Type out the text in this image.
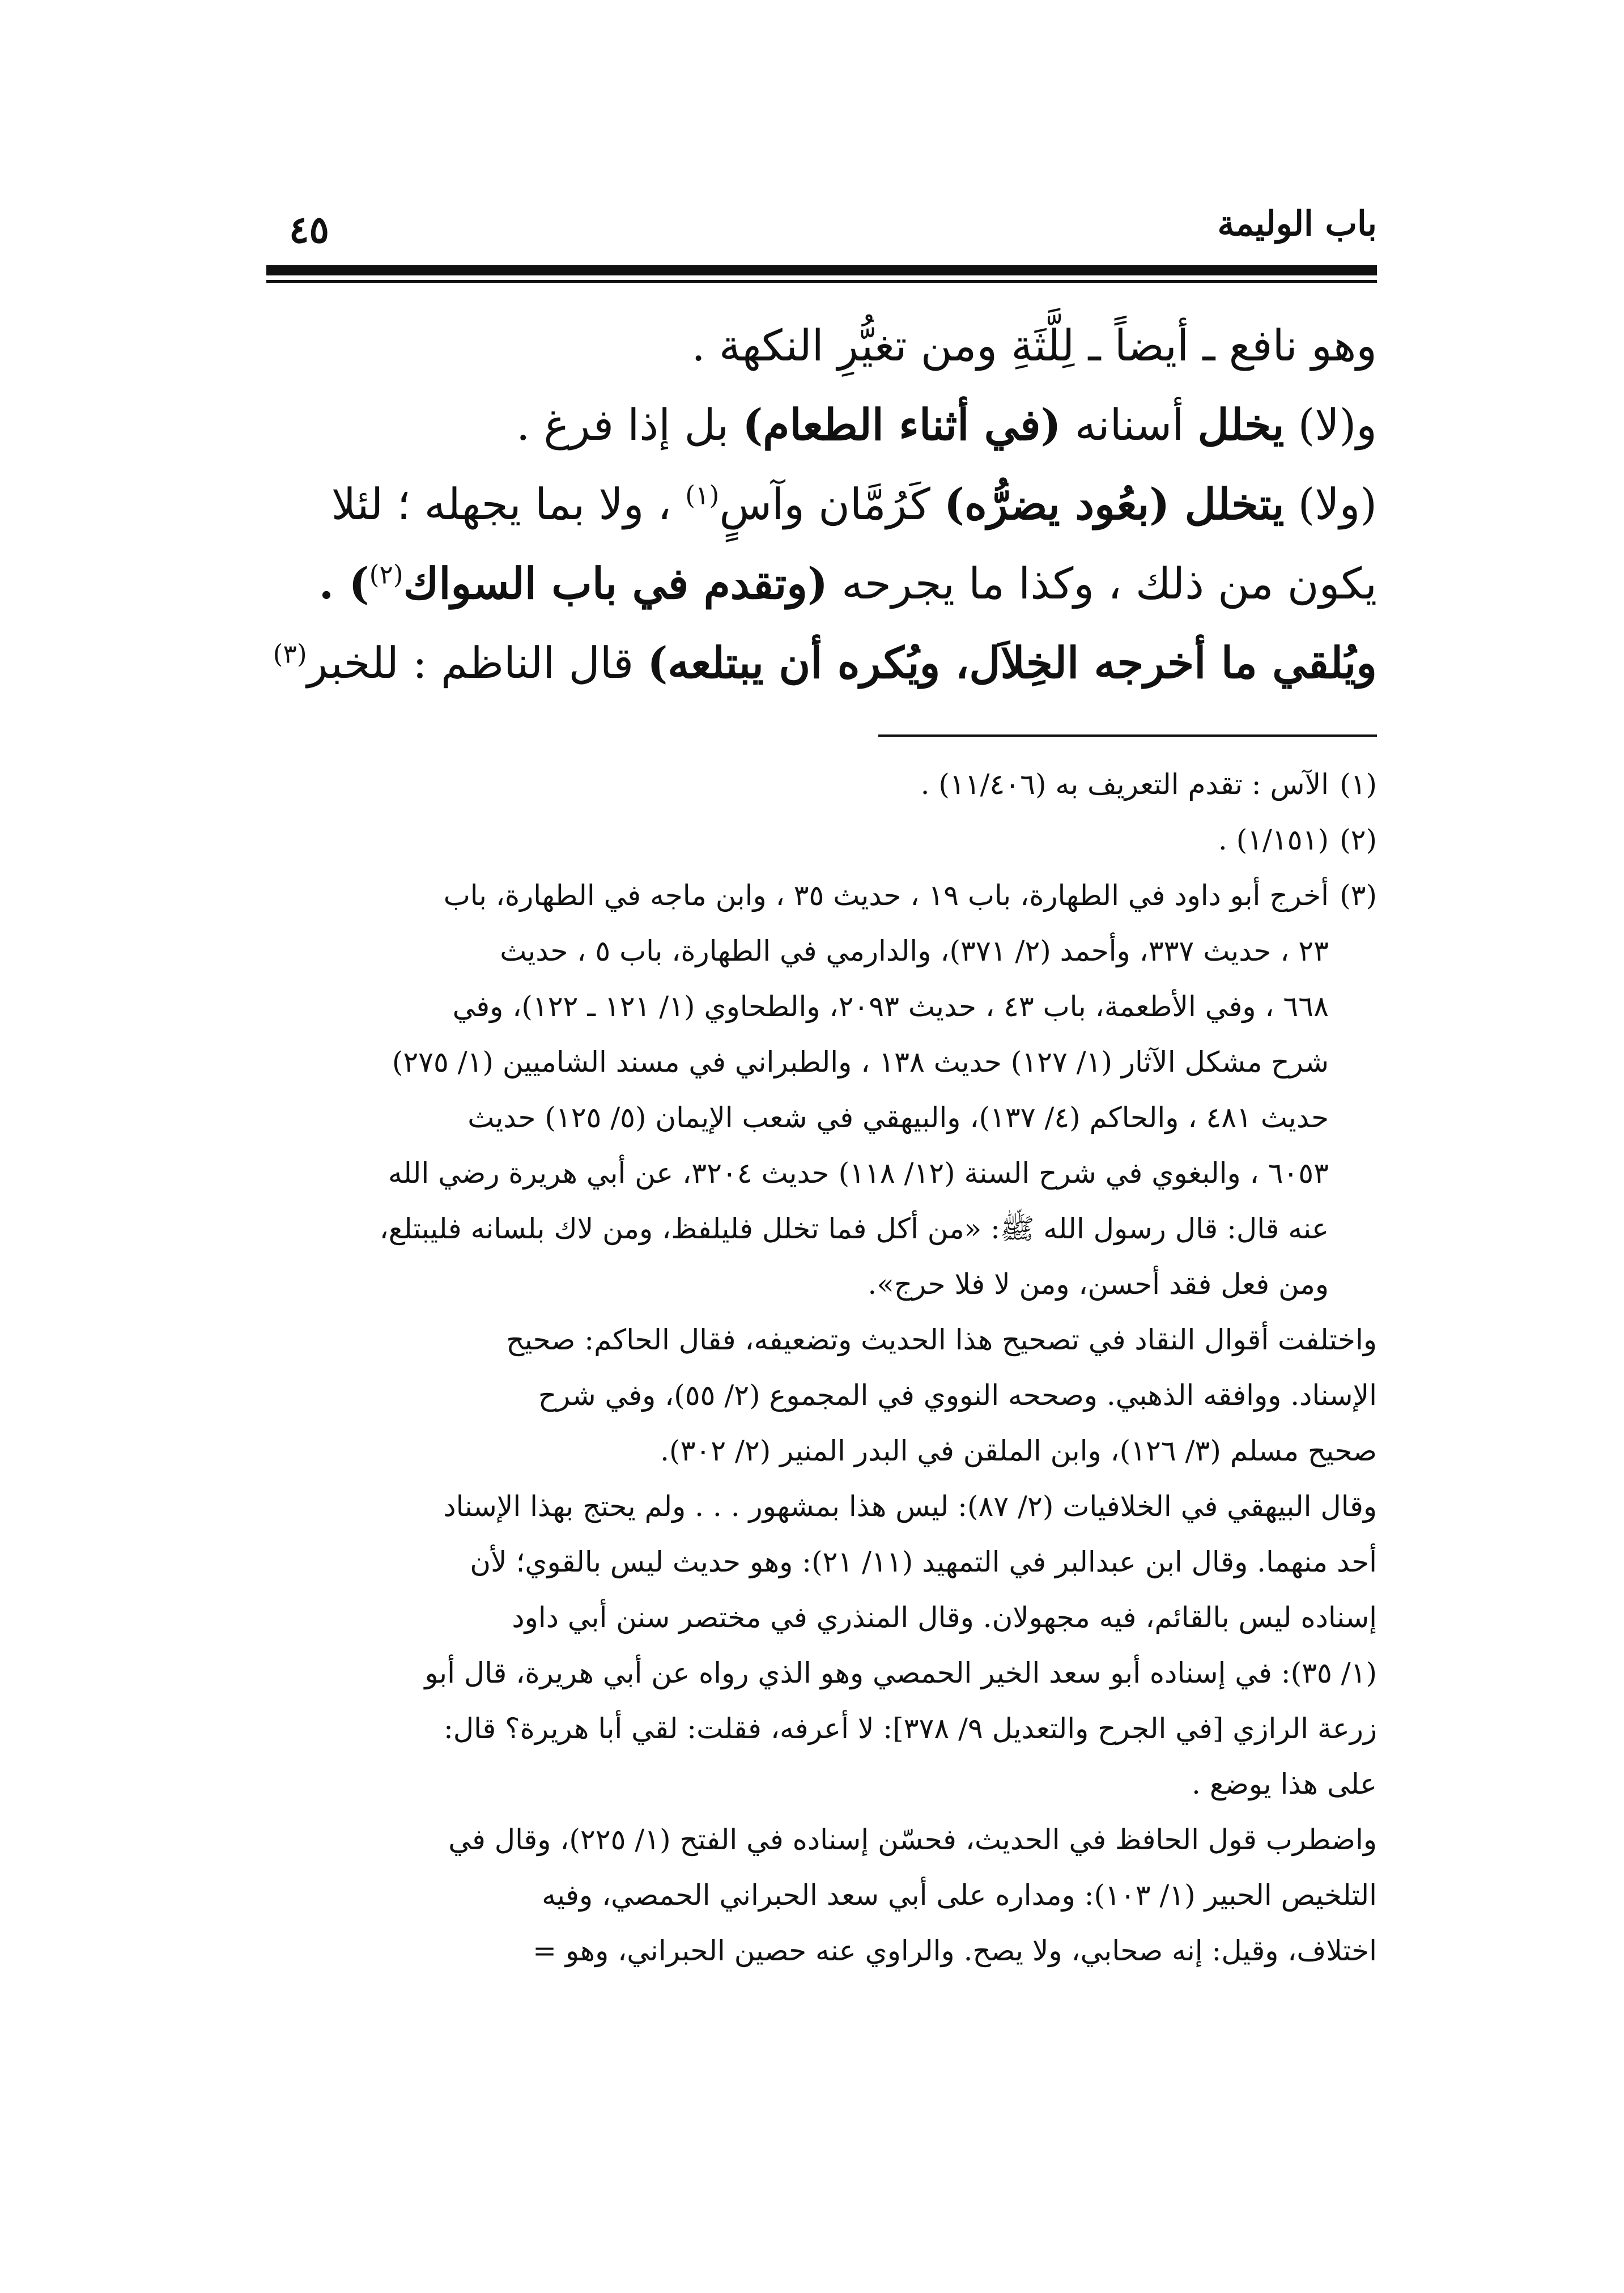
باب الوليمة
٤٥

وهو نافع ـ أيضاً ـ لِلَّثَةِ ومن تغيُّرِ النكهة .

و(لا) يخلل أسنانه (في أثناء الطعام) بل إذا فرغ .

(ولا) يتخلل (بعُود يضرُّه) كَرُمَّان وآسٍ$^{(١)}$ ، ولا بما يجهله ؛ لئلا

يكون من ذلك ، وكذا ما يجرحه (وتقدم في باب السواك$^{(٢)}$) .

ويُلقي ما أخرجه الخِلاَل، ويُكره أن يبتلعه) قال الناظم : للخبر$^{(٣)}$

(١)
الآس : تقدم التعريف به (١١/٤٠٦) .
(٢)
(١/١٥١) .
(٣)
أخرج أبو داود في الطهارة، باب ١٩ ، حديث ٣٥ ، وابن ماجه في الطهارة، باب
٢٣ ، حديث ٣٣٧، وأحمد (٢/ ٣٧١)، والدارمي في الطهارة، باب ٥ ، حديث
٦٦٨ ، وفي الأطعمة، باب ٤٣ ، حديث ٢٠٩٣، والطحاوي (١/ ١٢١ ـ ١٢٢)، وفي
شرح مشكل الآثار (١/ ١٢٧) حديث ١٣٨ ، والطبراني في مسند الشاميين (١/ ٢٧٥)
حديث ٤٨١ ، والحاكم (٤/ ١٣٧)، والبيهقي في شعب الإيمان (٥/ ١٢٥) حديث
٦٠٥٣ ، والبغوي في شرح السنة (١٢/ ١١٨) حديث ٣٢٠٤، عن أبي هريرة رضي الله
عنه قال: قال رسول الله ﷺ: «من أكل فما تخلل فليلفظ، ومن لاك بلسانه فليبتلع،
ومن فعل فقد أحسن، ومن لا فلا حرج».
واختلفت أقوال النقاد في تصحيح هذا الحديث وتضعيفه، فقال الحاكم: صحيح
الإسناد. ووافقه الذهبي. وصححه النووي في المجموع (٢/ ٥٥)، وفي شرح
صحيح مسلم (٣/ ١٢٦)، وابن الملقن في البدر المنير (٢/ ٣٠٢).
وقال البيهقي في الخلافيات (٢/ ٨٧): ليس هذا بمشهور . . . ولم يحتج بهذا الإسناد
أحد منهما. وقال ابن عبدالبر في التمهيد (١١/ ٢١): وهو حديث ليس بالقوي؛ لأن
إسناده ليس بالقائم، فيه مجهولان. وقال المنذري في مختصر سنن أبي داود
(١/ ٣٥): في إسناده أبو سعد الخير الحمصي وهو الذي رواه عن أبي هريرة، قال أبو
زرعة الرازي [في الجرح والتعديل ٩/ ٣٧٨]: لا أعرفه، فقلت: لقي أبا هريرة؟ قال:
على هذا يوضع .
واضطرب قول الحافظ في الحديث، فحسّن إسناده في الفتح (١/ ٢٢٥)، وقال في
التلخيص الحبير (١/ ١٠٣): ومداره على أبي سعد الحبراني الحمصي، وفيه
اختلاف، وقيل: إنه صحابي، ولا يصح. والراوي عنه حصين الحبراني، وهو =
